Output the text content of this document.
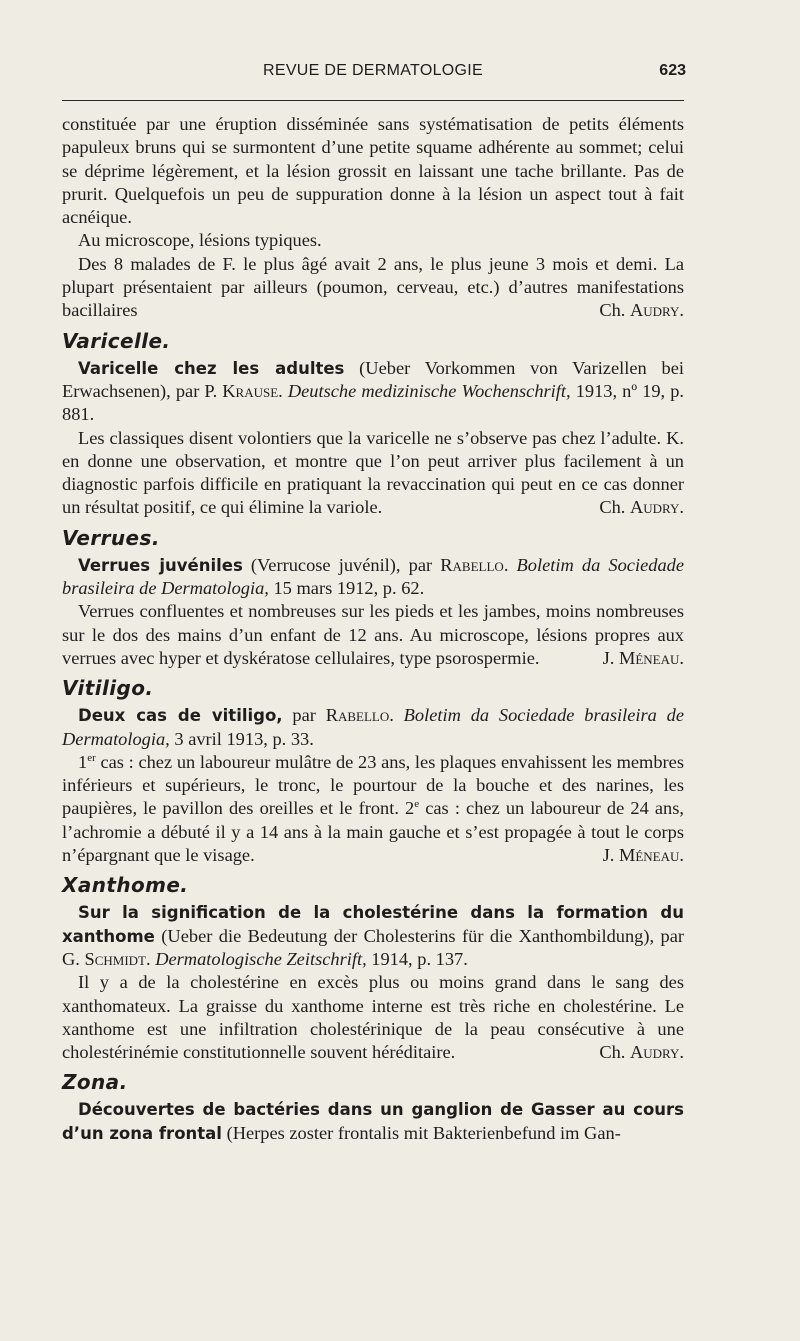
REVUE DE DERMATOLOGIE	623

constituée par une éruption disséminée sans systématisation de petits éléments papuleux bruns qui se surmontent d’une petite squame adhérente au sommet; celui se déprime légèrement, et la lésion grossit en laissant une tache brillante. Pas de prurit. Quelquefois un peu de suppuration donne à la lésion un aspect tout à fait acnéique.

Au microscope, lésions typiques.

Des 8 malades de F. le plus âgé avait 2 ans, le plus jeune 3 mois et demi. La plupart présentaient par ailleurs (poumon, cerveau, etc.) d’autres manifestations bacillaires	Ch. Audry.

Varicelle.

Varicelle chez les adultes (Ueber Vorkommen von Varizellen bei Erwachsenen), par P. Krause. Deutsche medizinische Wochenschrift, 1913, nº 19, p. 881.

Les classiques disent volontiers que la varicelle ne s’observe pas chez l’adulte. K. en donne une observation, et montre que l’on peut arriver plus facilement à un diagnostic parfois difficile en pratiquant la revaccination qui peut en ce cas donner un résultat positif, ce qui élimine la variole.	Ch. Audry.

Verrues.

Verrues juvéniles (Verrucose juvénil), par Rabello. Boletim da Sociedade brasileira de Dermatologia, 15 mars 1912, p. 62.

Verrues confluentes et nombreuses sur les pieds et les jambes, moins nombreuses sur le dos des mains d’un enfant de 12 ans. Au microscope, lésions propres aux verrues avec hyper et dyskératose cellulaires, type psorospermie.	J. Méneau.

Vitiligo.

Deux cas de vitiligo, par Rabello. Boletim da Sociedade brasileira de Dermatologia, 3 avril 1913, p. 33.

1er cas : chez un laboureur mulâtre de 23 ans, les plaques envahissent les membres inférieurs et supérieurs, le tronc, le pourtour de la bouche et des narines, les paupières, le pavillon des oreilles et le front. 2e cas : chez un laboureur de 24 ans, l’achromie a débuté il y a 14 ans à la main gauche et s’est propagée à tout le corps n’épargnant que le visage.	J. Méneau.

Xanthome.

Sur la signification de la cholestérine dans la formation du xanthome (Ueber die Bedeutung der Cholesterins für die Xanthombildung), par G. Schmidt. Dermatologische Zeitschrift, 1914, p. 137.

Il y a de la cholestérine en excès plus ou moins grand dans le sang des xanthomateux. La graisse du xanthome interne est très riche en cholestérine. Le xanthome est une infiltration cholestérinique de la peau consécutive à une cholestérinémie constitutionnelle souvent héréditaire.	Ch. Audry.

Zona.

Découvertes de bactéries dans un ganglion de Gasser au cours d’un zona frontal (Herpes zoster frontalis mit Bakterienbefund im Gan-
